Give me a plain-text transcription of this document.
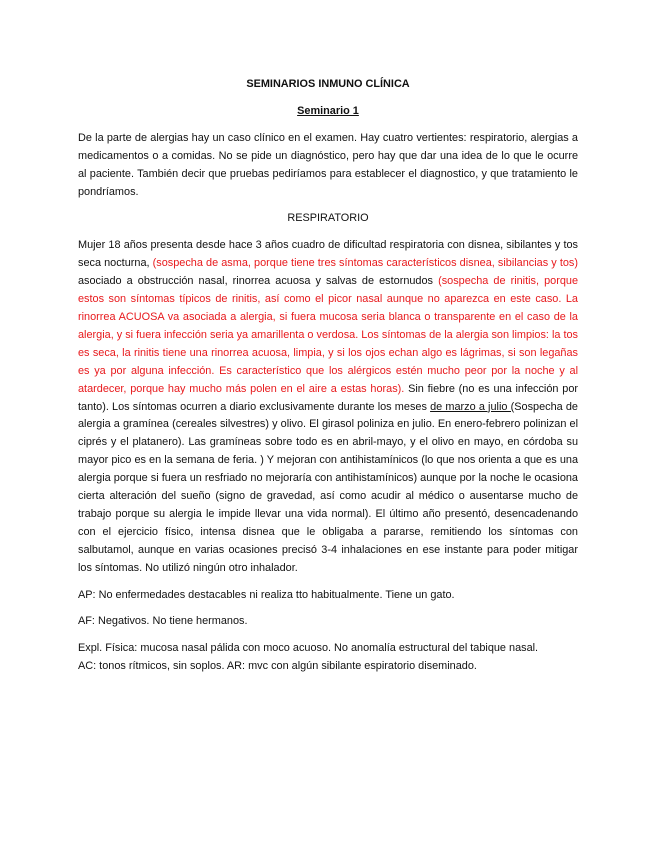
SEMINARIOS INMUNO CLÍNICA
Seminario 1

De la parte de alergias hay un caso clínico en el examen. Hay cuatro vertientes: respiratorio, alergias a medicamentos o a comidas. No se pide un diagnóstico, pero hay que dar una idea de lo que le ocurre al paciente. También decir que pruebas pediríamos para establecer el diagnostico, y que tratamiento le pondríamos.

RESPIRATORIO

Mujer 18 años presenta desde hace 3 años cuadro de dificultad respiratoria con disnea, sibilantes y tos seca nocturna, (sospecha de asma, porque tiene tres síntomas característicos disnea, sibilancias y tos) asociado a obstrucción nasal, rinorrea acuosa y salvas de estornudos (sospecha de rinitis, porque estos son síntomas típicos de rinitis, así como el picor nasal aunque no aparezca en este caso. La rinorrea ACUOSA va asociada a alergia, si fuera mucosa seria blanca o transparente en el caso de la alergia, y si fuera infección seria ya amarillenta o verdosa. Los síntomas de la alergia son limpios: la tos es seca, la rinitis tiene una rinorrea acuosa, limpia, y si los ojos echan algo es lágrimas, si son legañas es ya por alguna infección. Es característico que los alérgicos estén mucho peor por la noche y al atardecer, porque hay mucho más polen en el aire a estas horas). Sin fiebre (no es una infección por tanto). Los síntomas ocurren a diario exclusivamente durante los meses de marzo a julio (Sospecha de alergia a gramínea (cereales silvestres) y olivo. El girasol poliniza en julio. En enero-febrero polinizan el ciprés y el platanero). Las gramíneas sobre todo es en abril-mayo, y el olivo en mayo, en córdoba su mayor pico es en la semana de feria. ) Y mejoran con antihistamínicos (lo que nos orienta a que es una alergia porque si fuera un resfriado no mejoraría con antihistamínicos) aunque por la noche le ocasiona cierta alteración del sueño (signo de gravedad, así como acudir al médico o ausentarse mucho de trabajo porque su alergia le impide llevar una vida normal). El último año presentó, desencadenando con el ejercicio físico, intensa disnea que le obligaba a pararse, remitiendo los síntomas con salbutamol, aunque en varias ocasiones precisó 3-4 inhalaciones en ese instante para poder mitigar los síntomas. No utilizó ningún otro inhalador.

AP: No enfermedades destacables ni realiza tto habitualmente. Tiene un gato.

AF: Negativos. No tiene hermanos.

Expl. Física: mucosa nasal pálida con moco acuoso. No anomalía estructural del tabique nasal.

AC: tonos rítmicos, sin soplos. AR: mvc con algún sibilante espiratorio diseminado.
